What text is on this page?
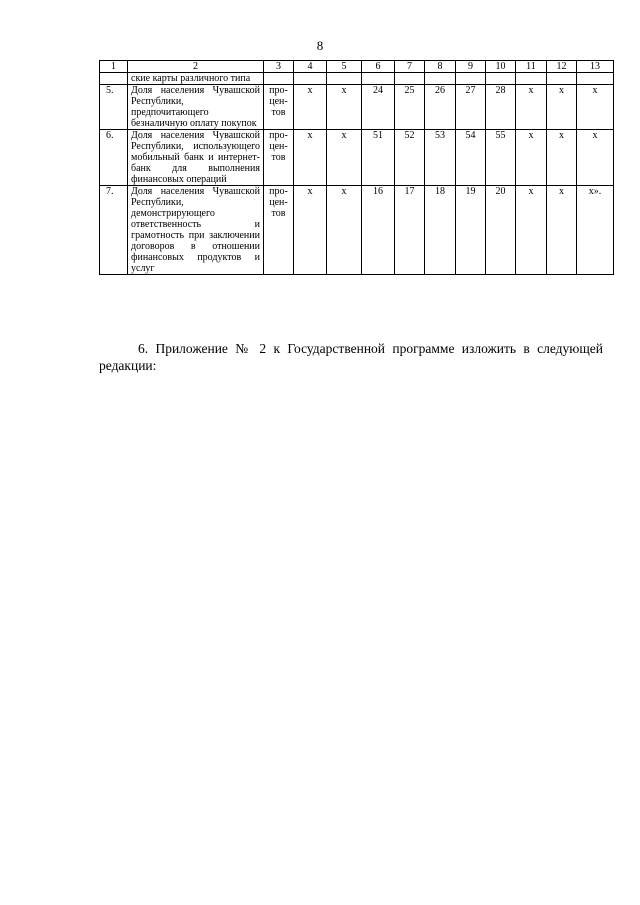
8
1	2	3	4	5	6	7	8	9	10	11	12	13
	ские карты различного типа											
5.	Доля населения Чувашской Республики, предпочитающего безналичную оплату покупок	про-
цен-
тов	x	x	24	25	26	27	28	x	x	x
6.	Доля населения Чувашской Республики, использующего мобильный банк и интернет-банк для выполнения финансовых операций	про-
цен-
тов	x	x	51	52	53	54	55	x	x	x
7.	Доля населения Чувашской Республики, демонстрирующего ответственность и грамотность при заключении договоров в отношении финансовых продуктов и услуг	про-
цен-
тов	x	x	16	17	18	19	20	x	x	x».
6. Приложение № 2 к Государственной программе изложить в следующей редакции:
